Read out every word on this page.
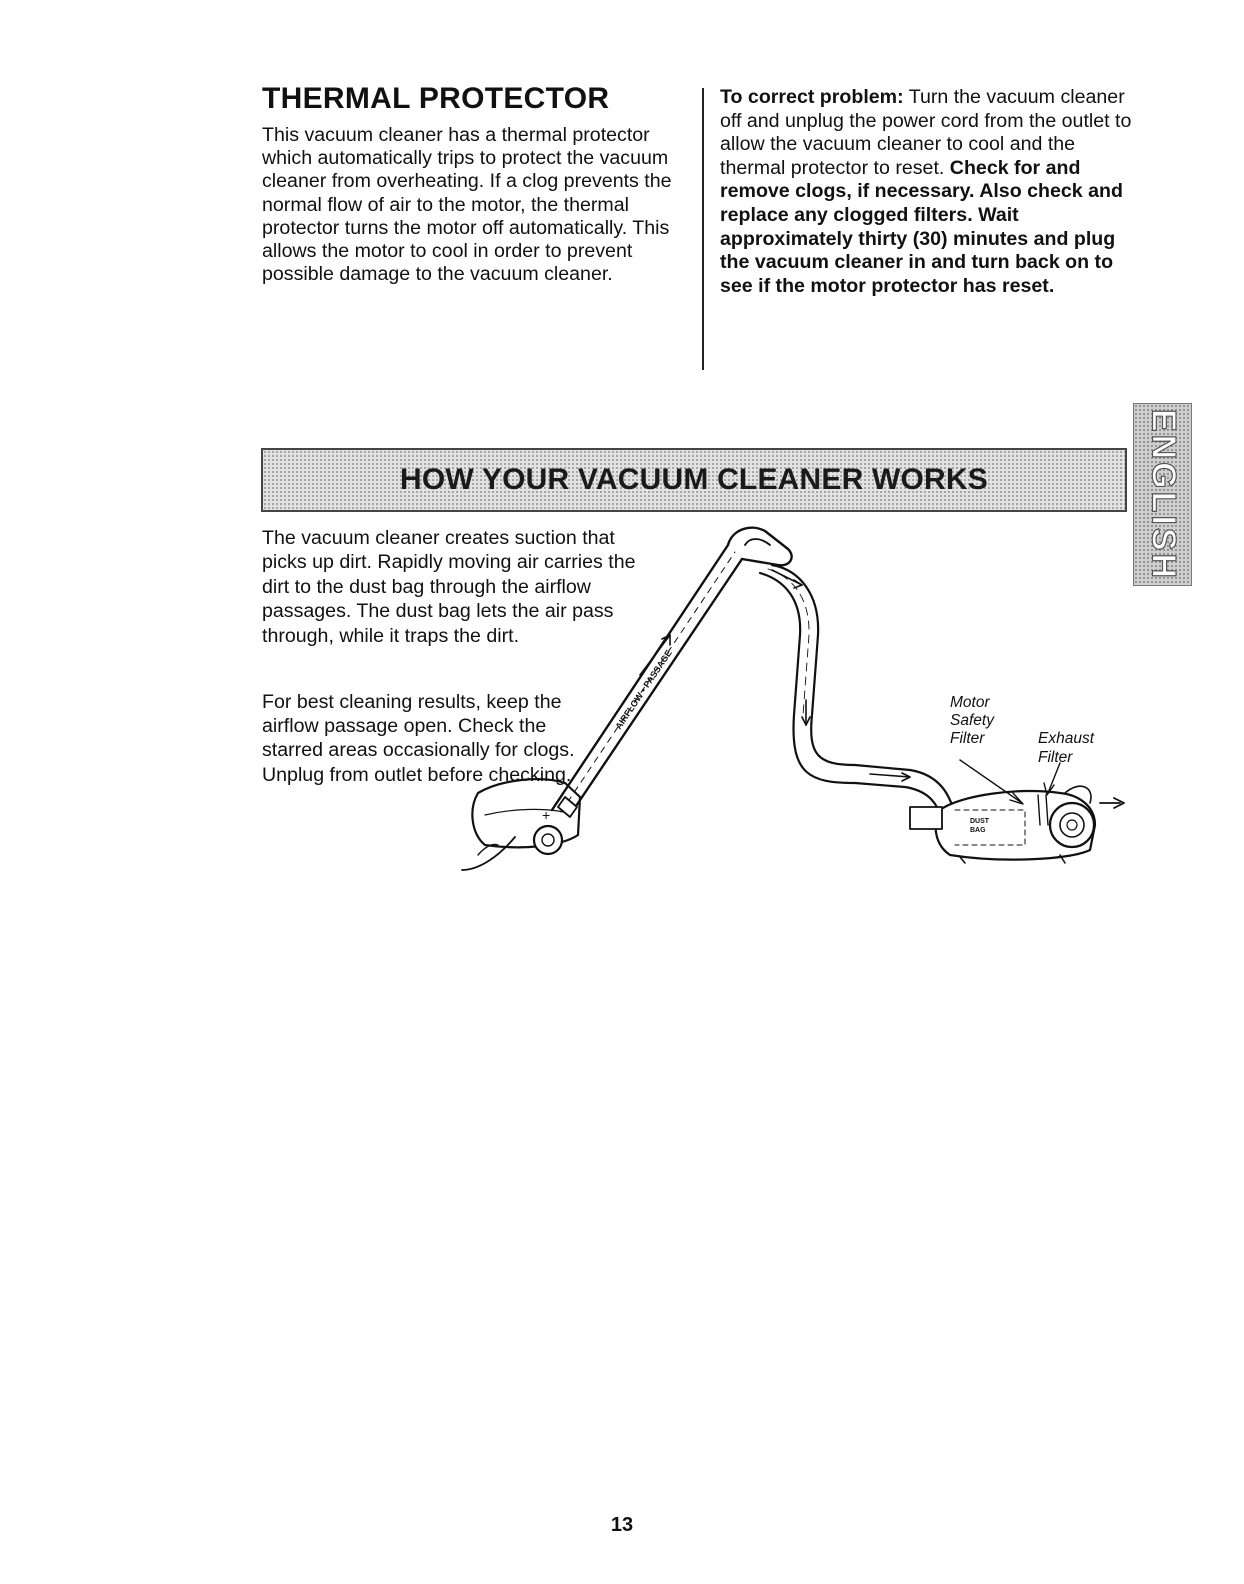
THERMAL PROTECTOR

This vacuum cleaner has a thermal protector which automatically trips to protect the vacuum cleaner from overheating. If a clog prevents the normal flow of air to the motor, the thermal protector turns the motor off automatically. This allows the motor to cool in order to prevent possible damage to the vacuum cleaner.

To correct problem: Turn the vacuum cleaner off and unplug the power cord from the outlet to allow the vacuum cleaner to cool and the thermal protector to reset. Check for and remove clogs, if necessary. Also check and replace any clogged filters. Wait approximately thirty (30) minutes and plug the vacuum cleaner in and turn back on to see if the motor protector has reset.

ENGLISH
HOW YOUR VACUUM CLEANER WORKS

The vacuum cleaner creates suction that picks up dirt. Rapidly moving air carries the dirt to the dust bag through the airflow passages. The dust bag lets the air pass through, while it traps the dirt.

For best cleaning results, keep the airflow passage open. Check the starred areas occasionally for clogs. Unplug from outlet before checking.

+
AIRFLOW • PASSAGE
DUST
BAG
Motor
Safety
Filter	Exhaust
Filter
13
